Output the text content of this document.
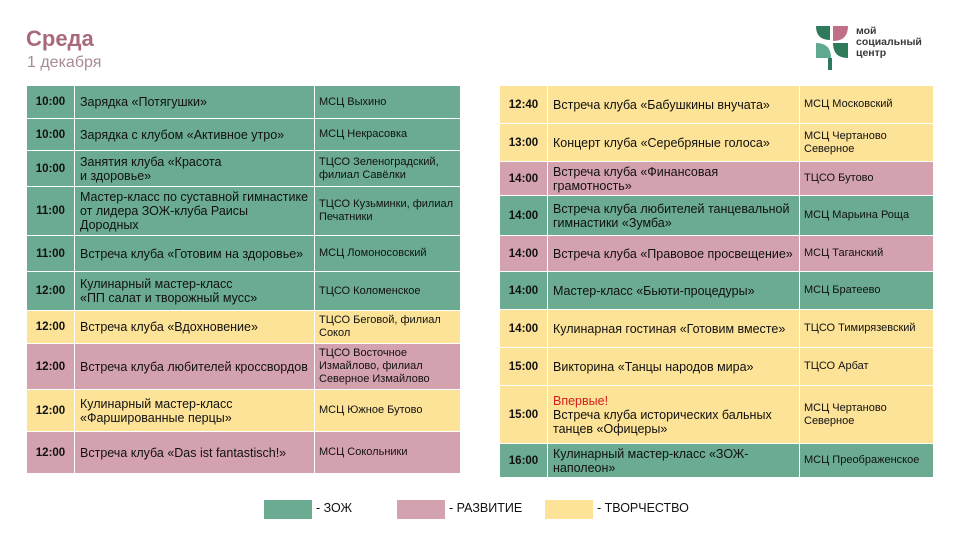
Среда
1 декабря
мой
социальный
центр
10:00	Зарядка «Потягушки»	МСЦ Выхино
10:00	Зарядка с клубом «Активное утро»	МСЦ Некрасовка
10:00	Занятия клуба «Красота
и здоровье»	ТЦСО Зеленоградский, филиал Савёлки
11:00	Мастер-класс по суставной гимнастике от лидера ЗОЖ-клуба Раисы Дородных	ТЦСО Кузьминки, филиал Печатники
11:00	Встреча клуба «Готовим на здоровье»	МСЦ Ломоносовский
12:00	Кулинарный мастер-класс
«ПП салат и творожный мусс»	ТЦСО Коломенское
12:00	Встреча клуба «Вдохновение»	ТЦСО Беговой, филиал Сокол
12:00	Встреча клуба любителей кроссвордов	ТЦСО Восточное Измайлово, филиал Северное Измайлово
12:00	Кулинарный мастер-класс
«Фаршированные перцы»	МСЦ Южное Бутово
12:00	Встреча клуба «Das ist fantastisch!»	МСЦ Сокольники
12:40	Встреча клуба «Бабушкины внучата»	МСЦ Московский
13:00	Концерт клуба «Серебряные голоса»	МСЦ Чертаново Северное
14:00	Встреча клуба «Финансовая грамотность»	ТЦСО Бутово
14:00	Встреча клуба любителей танцевальной гимнастики «Зумба»	МСЦ Марьина Роща
14:00	Встреча клуба «Правовое просвещение»	МСЦ Таганский
14:00	Мастер-класс «Бьюти-процедуры»	МСЦ Братеево
14:00	Кулинарная гостиная «Готовим вместе»	ТЦСО Тимирязевский
15:00	Викторина «Танцы народов мира»	ТЦСО Арбат
15:00	Впервые!
Встреча клуба исторических бальных танцев «Офицеры»	МСЦ Чертаново Северное
16:00	Кулинарный мастер-класс «ЗОЖ-наполеон»	МСЦ Преображенское
- ЗОЖ	- РАЗВИТИЕ	- ТВОРЧЕСТВО
